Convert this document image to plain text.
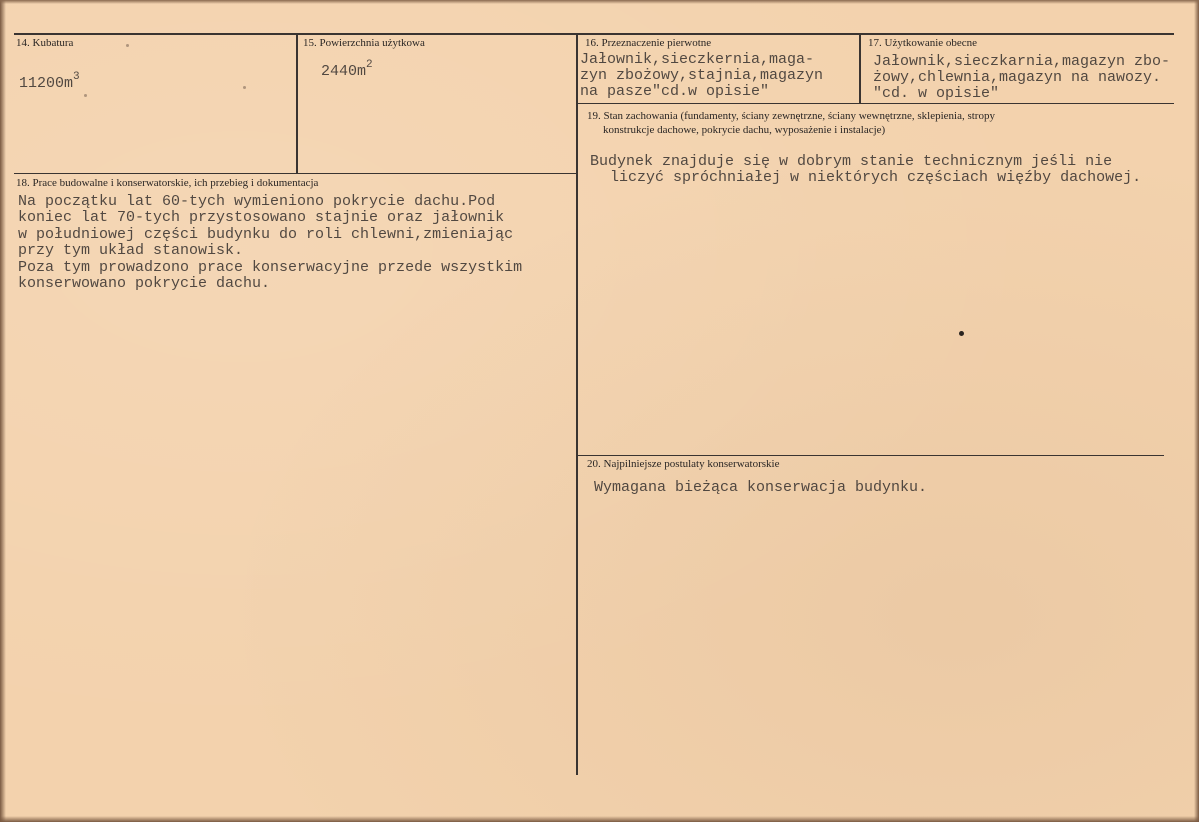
14. Kubatura
$11200m^3$
15. Powierzchnia użytkowa
$2440m^2$
16. Przeznaczenie pierwotne
Jałownik,sieczkernia,maga-
zyn zbożowy,stajnia,magazyn
na pasze"cd.w opisie"
17. Użytkowanie obecne
Jałownik,sieczkarnia,magazyn zbo-
żowy,chlewnia,magazyn na nawozy.
"cd. w opisie"
18. Prace budowalne i konserwatorskie, ich przebieg i dokumentacja
Na początku lat 60-tych wymieniono pokrycie dachu.Pod
koniec lat 70-tych przystosowano stajnie oraz jałownik
w południowej części budynku do roli chlewni,zmieniając
przy tym układ stanowisk.
Poza tym prowadzono prace konserwacyjne przede wszystkim
konserwowano pokrycie dachu.
19. Stan zachowania (fundamenty, ściany zewnętrzne, ściany wewnętrzne, sklepienia, stropy
konstrukcje dachowe, pokrycie dachu, wyposażenie i instalacje)
Budynek znajduje się w dobrym stanie technicznym jeśli nie
liczyć spróchniałej w niektórych częściach więźby dachowej.
20. Najpilniejsze postulaty konserwatorskie
Wymagana bieżąca konserwacja budynku.
